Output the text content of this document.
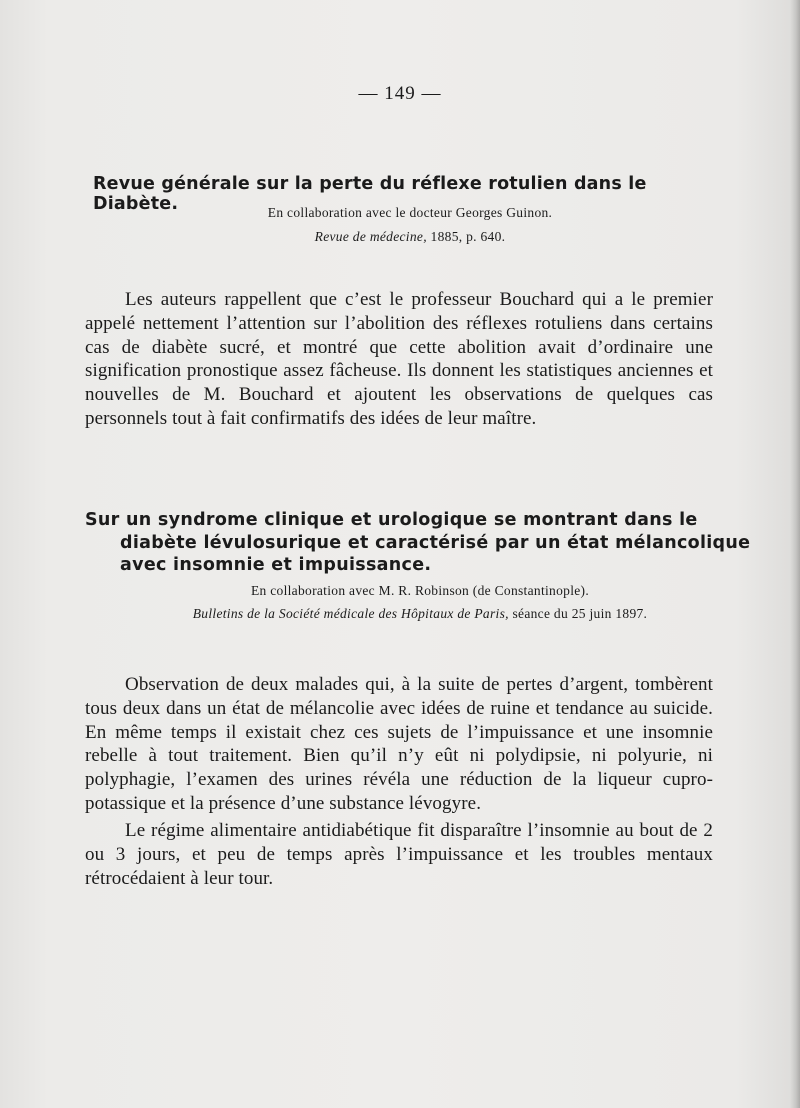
— 149 —
Revue générale sur la perte du réflexe rotulien dans le Diabète.	En collaboration avec le docteur Georges Guinon.
Revue de médecine, 1885, p. 640.
Les auteurs rappellent que c’est le professeur Bouchard qui a le premier appelé nettement l’attention sur l’abolition des réflexes rotuliens dans certains cas de diabète sucré, et montré que cette abolition avait d’ordinaire une signification pronostique assez fâcheuse. Ils donnent les statistiques anciennes et nouvelles de M. Bouchard et ajoutent les observations de quelques cas personnels tout à fait confirmatifs des idées de leur maître.
Sur un syndrome clinique et urologique se montrant dans le
diabète lévulosurique et caractérisé par un état mélancolique
avec insomnie et impuissance.
En collaboration avec M. R. Robinson (de Constantinople).
Bulletins de la Société médicale des Hôpitaux de Paris, séance du 25 juin 1897.
Observation de deux malades qui, à la suite de pertes d’argent, tombèrent tous deux dans un état de mélancolie avec idées de ruine et tendance au suicide. En même temps il existait chez ces sujets de l’impuissance et une insomnie rebelle à tout traitement. Bien qu’il n’y eût ni polydipsie, ni polyurie, ni polyphagie, l’examen des urines révéla une réduction de la liqueur cupro-potassique et la présence d’une substance lévogyre.
Le régime alimentaire antidiabétique fit disparaître l’insomnie au bout de 2 ou 3 jours, et peu de temps après l’impuissance et les troubles mentaux rétrocédaient à leur tour.
